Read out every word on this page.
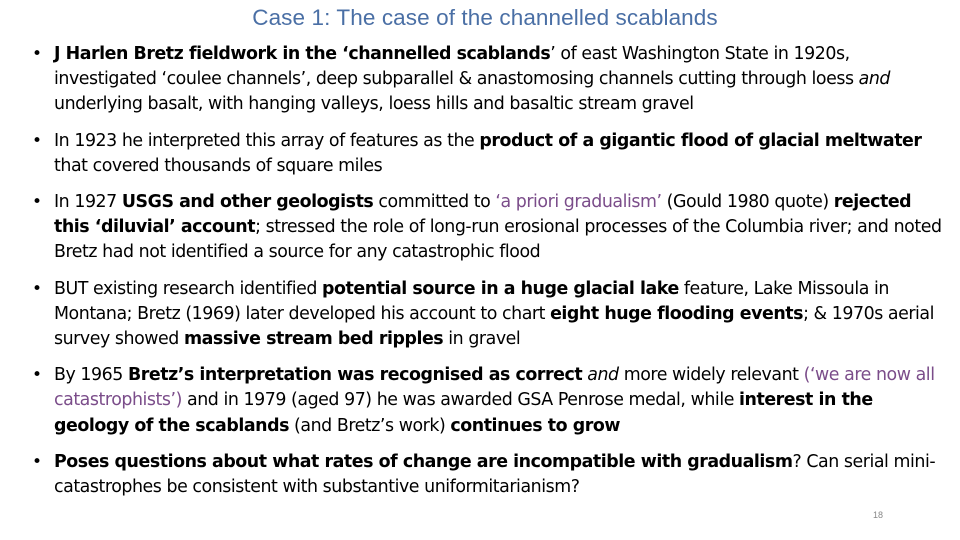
Case 1: The case of the channelled scablands
• J Harlen Bretz fieldwork in the ‘channelled scablands’ of east Washington State in 1920s, investigated ‘coulee channels’, deep subparallel & anastomosing channels cutting through loess and underlying basalt, with hanging valleys, loess hills and basaltic stream gravel
• In 1923 he interpreted this array of features as the product of a gigantic flood of glacial meltwater that covered thousands of square miles
• In 1927 USGS and other geologists committed to ‘a priori gradualism’ (Gould 1980 quote) rejected this ‘diluvial’ account; stressed the role of long-run erosional processes of the Columbia river; and noted Bretz had not identified a source for any catastrophic flood
• BUT existing research identified potential source in a huge glacial lake feature, Lake Missoula in Montana; Bretz (1969) later developed his account to chart eight huge flooding events; & 1970s aerial survey showed massive stream bed ripples in gravel
• By 1965 Bretz’s interpretation was recognised as correct and more widely relevant (‘we are now all catastrophists’) and in 1979 (aged 97) he was awarded GSA Penrose medal, while interest in the geology of the scablands (and Bretz’s work) continues to grow
• Poses questions about what rates of change are incompatible with gradualism? Can serial mini-catastrophes be consistent with substantive uniformitarianism?
18
